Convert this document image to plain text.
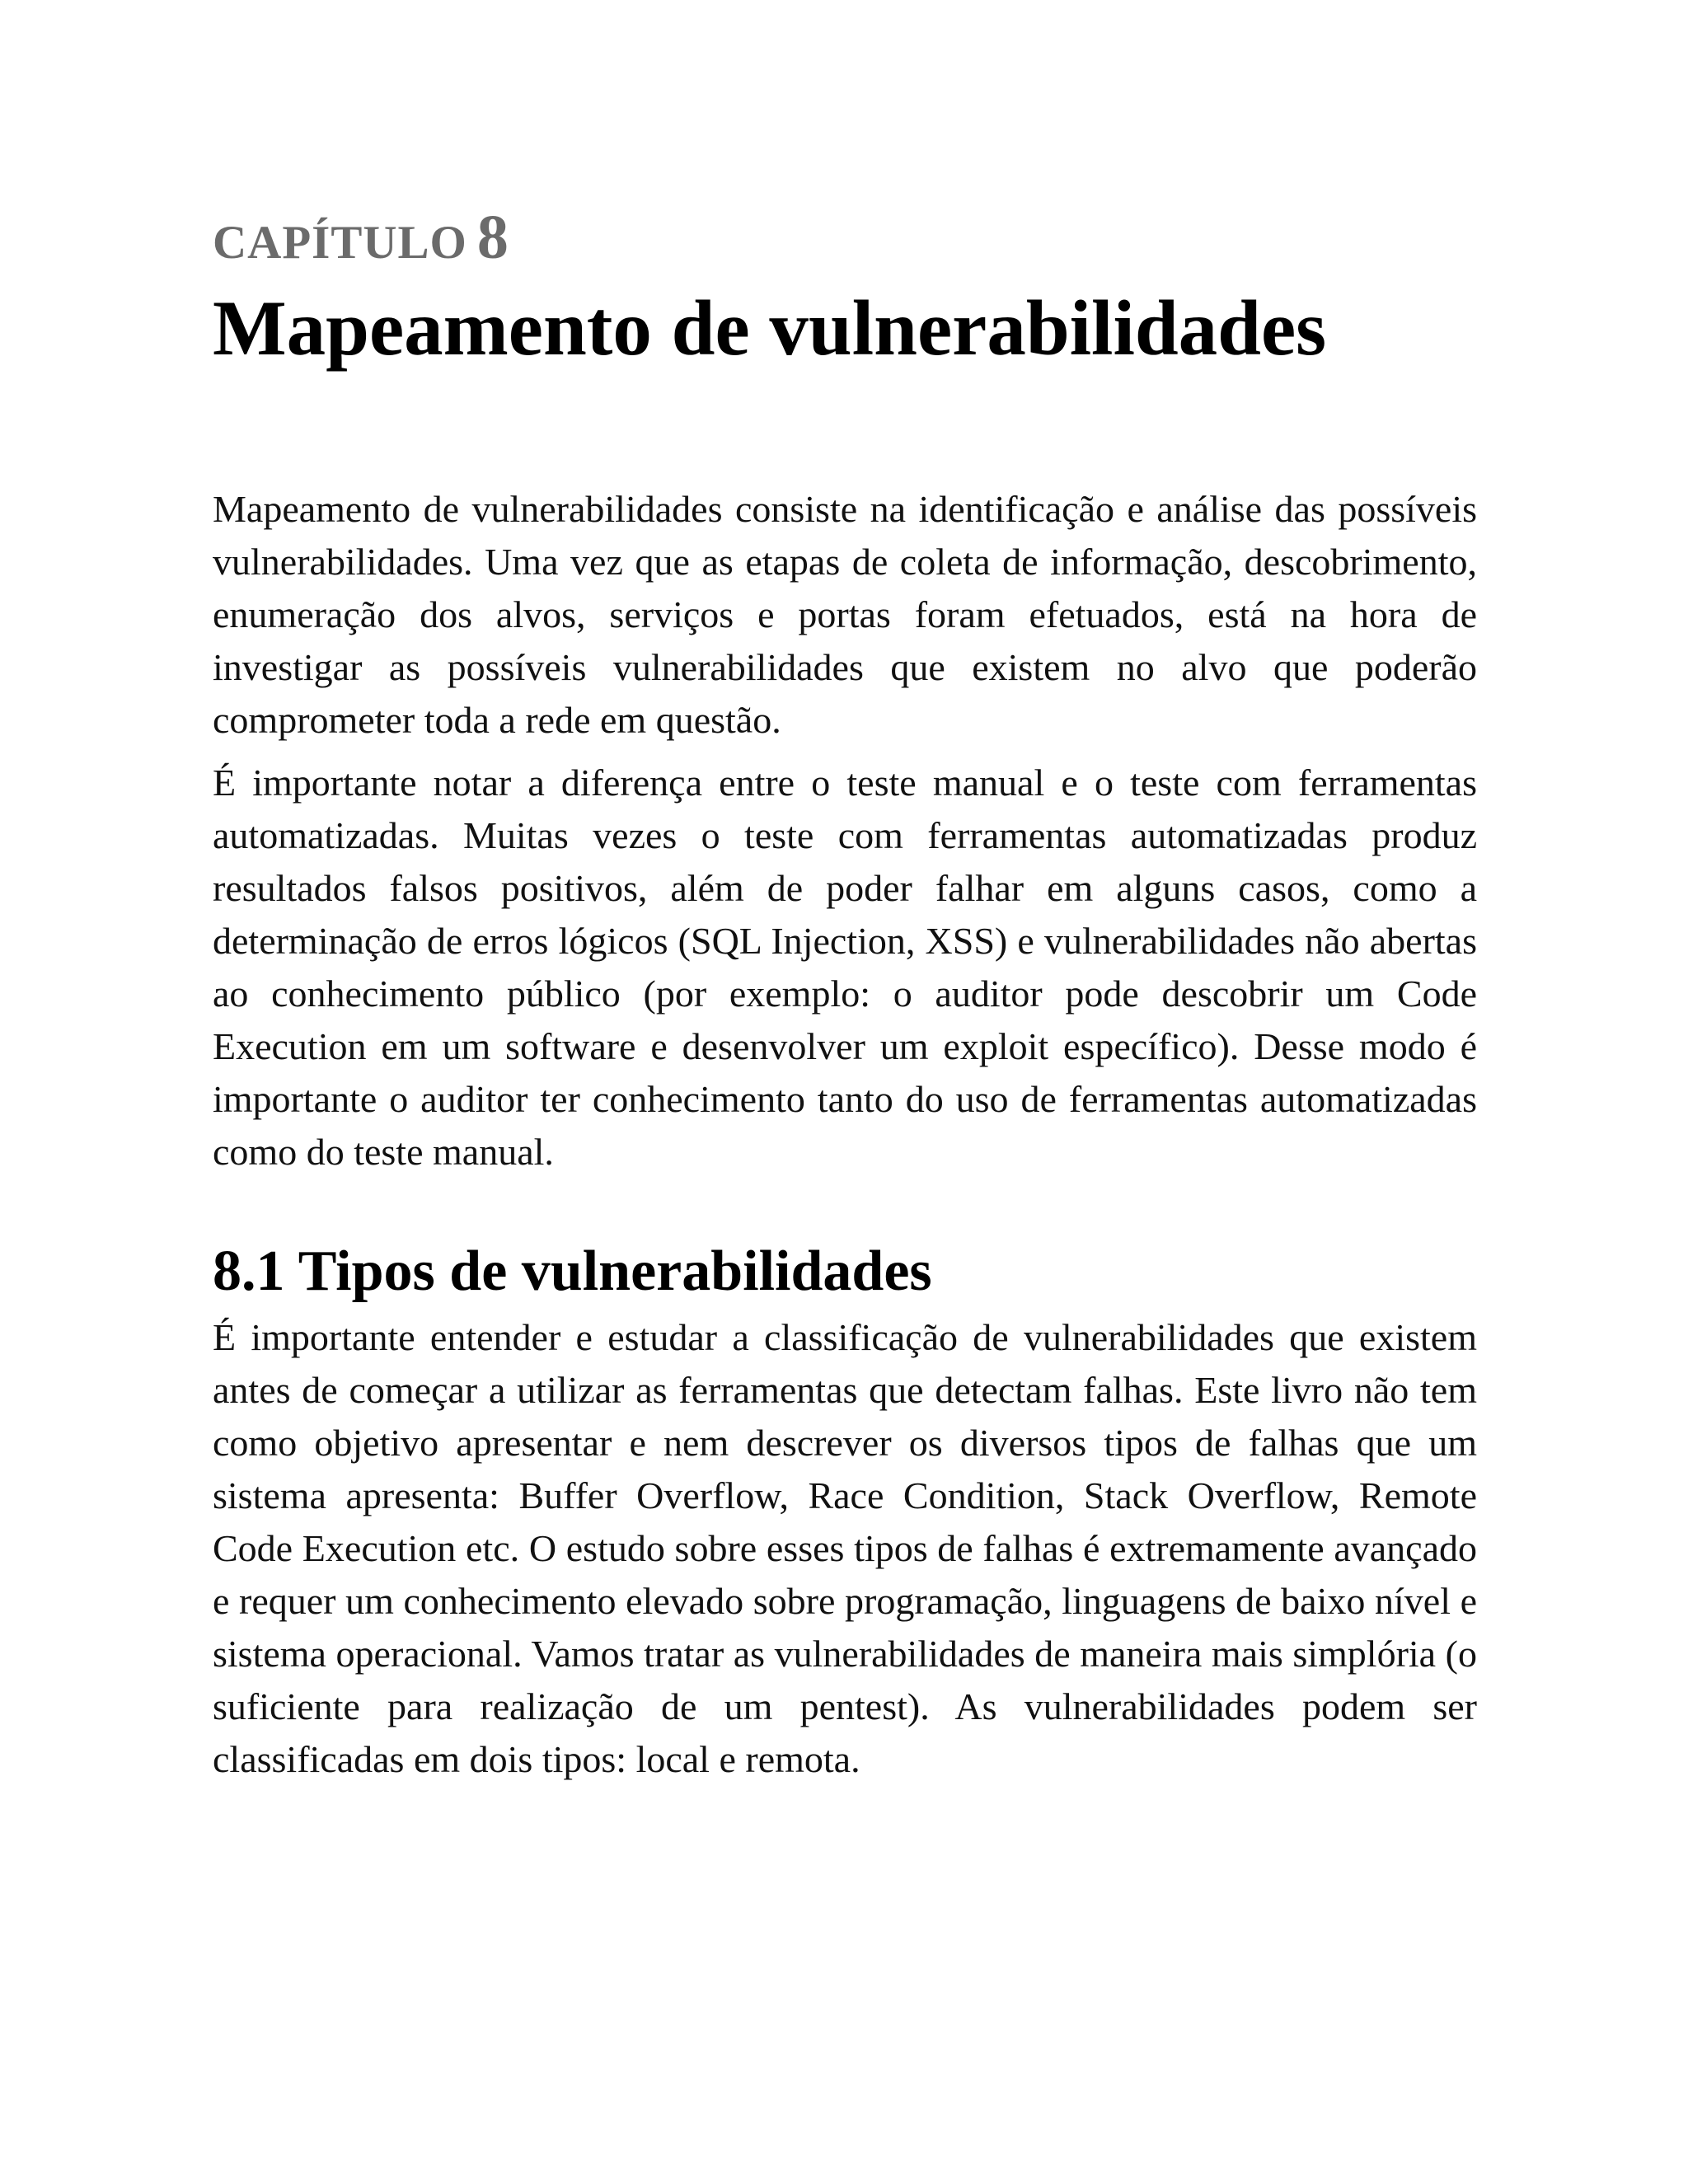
CAPÍTULO 8
Mapeamento de vulnerabilidades

Mapeamento de vulnerabilidades consiste na identificação e análise das possíveis vulnerabilidades. Uma vez que as etapas de coleta de informação, descobrimento, enumeração dos alvos, serviços e portas foram efetuados, está na hora de investigar as possíveis vulnerabilidades que existem no alvo que poderão comprometer toda a rede em questão.

É importante notar a diferença entre o teste manual e o teste com ferramentas automatizadas. Muitas vezes o teste com ferramentas automatizadas produz resultados falsos positivos, além de poder falhar em alguns casos, como a determinação de erros lógicos (SQL Injection, XSS) e vulnerabilidades não abertas ao conhecimento público (por exemplo: o auditor pode descobrir um Code Execution em um software e desenvolver um exploit específico). Desse modo é importante o auditor ter conhecimento tanto do uso de ferramentas automatizadas como do teste manual.

8.1 Tipos de vulnerabilidades

É importante entender e estudar a classificação de vulnerabilidades que existem antes de começar a utilizar as ferramentas que detectam falhas. Este livro não tem como objetivo apresentar e nem descrever os diversos tipos de falhas que um sistema apresenta: Buffer Overflow, Race Condition, Stack Overflow, Remote Code Execution etc. O estudo sobre esses tipos de falhas é extremamente avançado e requer um conhecimento elevado sobre programação, linguagens de baixo nível e sistema operacional. Vamos tratar as vulnerabilidades de maneira mais simplória (o suficiente para realização de um pentest). As vulnerabilidades podem ser classificadas em dois tipos: local e remota.
